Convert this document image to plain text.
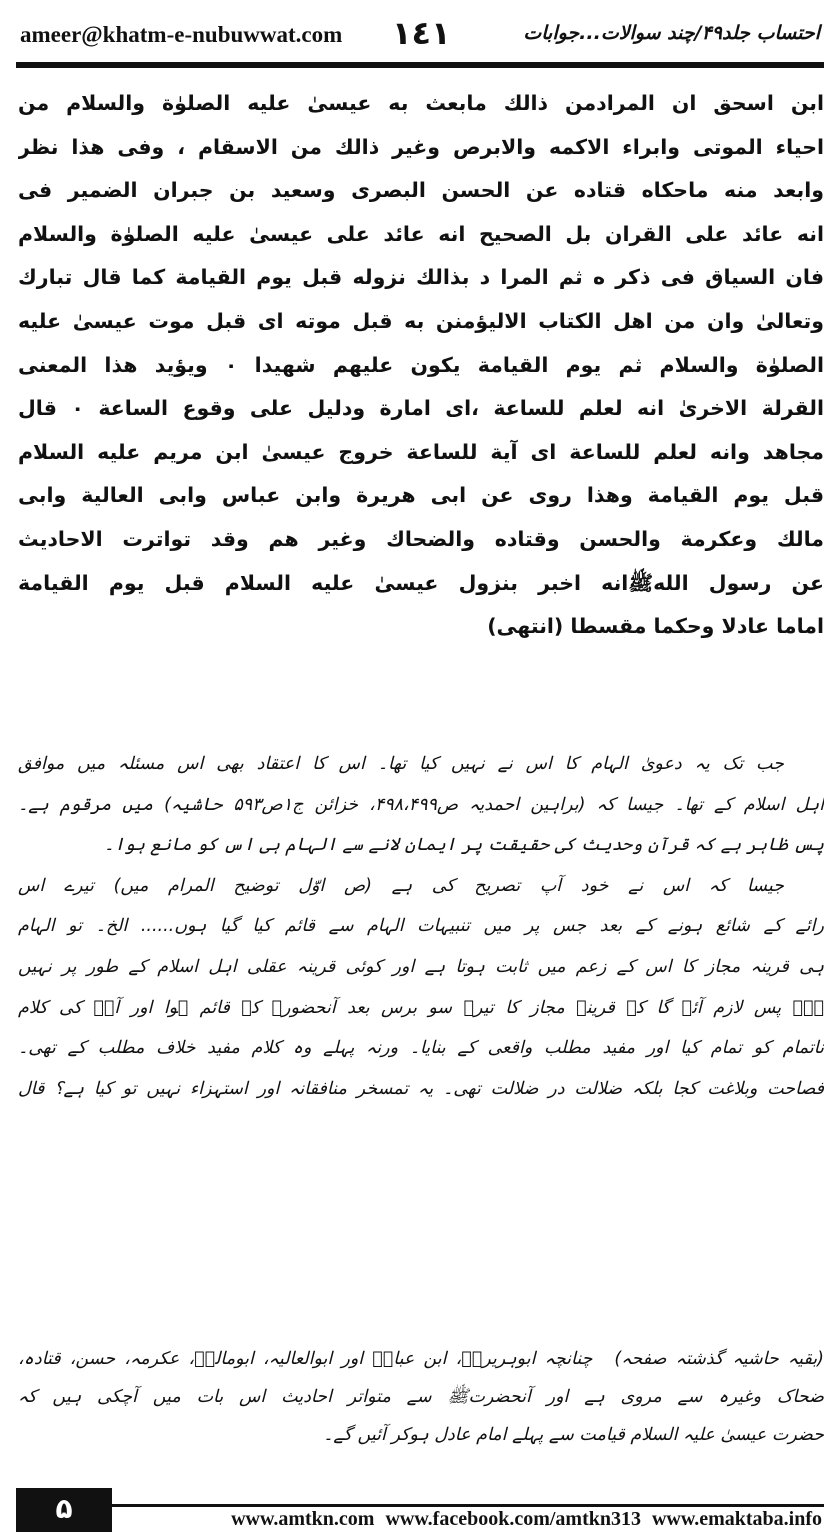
ameer@khatm-e-nubuwwat.com ١٤١	احتساب جلد۴۹/چند سوالات...جوابات
ابن اسحق ان المرادمن ذالك مابعث به عيسىٰ عليه الصلوٰة والسلام من
احياء الموتى وابراء الاكمه والابرص وغير ذالك من الاسقام ، وفى هذا نظر
وابعد منه ماحكاه قتاده عن الحسن البصرى وسعيد بن جبران الضمير فى
انه عائد على القران بل الصحيح انه عائد على عيسىٰ عليه الصلوٰة والسلام
فان السياق فى ذكر ه ثم المرا د بذالك نزوله قبل يوم القيامة كما قال تبارك
وتعالىٰ وان من اهل الكتاب الاليؤمنن به قبل موته اى قبل موت عيسىٰ عليه
الصلوٰة والسلام ثم يوم القيامة يكون عليهم شهيدا ٠ ويؤيد هذا المعنى
القرلة الاخرىٰ انه لعلم للساعة ،اى امارة ودليل على وقوع الساعة ٠ قال
مجاهد وانه لعلم للساعة اى آية للساعة خروج عيسىٰ ابن مريم عليه السلام
قبل يوم القيامة وهذا روى عن ابى هريرة وابن عباس وابى العالية وابى
مالك وعكرمة والحسن وقتاده والضحاك وغير هم وقد تواترت الاحاديث
عن رسول اللهﷺانه اخبر بنزول عيسىٰ عليه السلام قبل يوم القيامة
اماما عادلا وحكما مقسطا (انتهى)
جب تک یہ دعویٰ الہام کا اس نے نہیں کیا تھا۔ اس کا اعتقاد بھی اس مسئلہ میں موافق
اہل اسلام کے تھا۔ جیسا کہ (براہین احمدیہ ص۴۹۸،۴۹۹، خزائن ج۱ص۵۹۳ حاشیہ) میں مرقوم ہے۔
پس ظاہر ہے کہ قرآن وحدیث کی حقیقت پر ایمان لانے سے الہام ہی اس کو مانع ہوا۔
جیسا کہ اس نے خود آپ تصریح کی ہے (ص اوّل توضیح المرام میں) تیرے اس
رائے کے شائع ہونے کے بعد جس پر میں تنبیہات الہام سے قائم کیا گیا ہوں...... الخ۔ تو الہام
ہی قرینہ مجاز کا اس کے زعم میں ثابت ہوتا ہے اور کوئی قرینہ عقلی اہل اسلام کے طور پر نہیں
ہے۔ پس لازم آئے گا کہ قرینہ مجاز کا تیرہ سو برس بعد آنحضورﷺ کے قائم ہوا اور آپؐ کی کلام
ناتمام کو تمام کیا اور مفید مطلب واقعی کے بنایا۔ ورنہ پہلے وہ کلام مفید خلاف مطلب کے تھی۔
فصاحت وبلاغت کجا بلکہ ضلالت در ضلالت تھی۔ یہ تمسخر منافقانہ اور استہزاء نہیں تو کیا ہے؟ قال
(بقیہ حاشیہ گذشتہ صفحہ)چنانچہ ابوہریرہؓ، ابن عباسؓ اور ابوالعالیہ، ابومالکؒ، عکرمہ، حسن، قتادہ،
ضحاک وغیرہ سے مروی ہے اور آنحضرتﷺ سے متواتر احادیث اس بات میں آچکی ہیں کہ
حضرت عیسیٰ علیہ السلام قیامت سے پہلے امام عادل ہوکر آئیں گے۔
۵	www.amtkn.com www.facebook.com/amtkn313 www.emaktaba.info
